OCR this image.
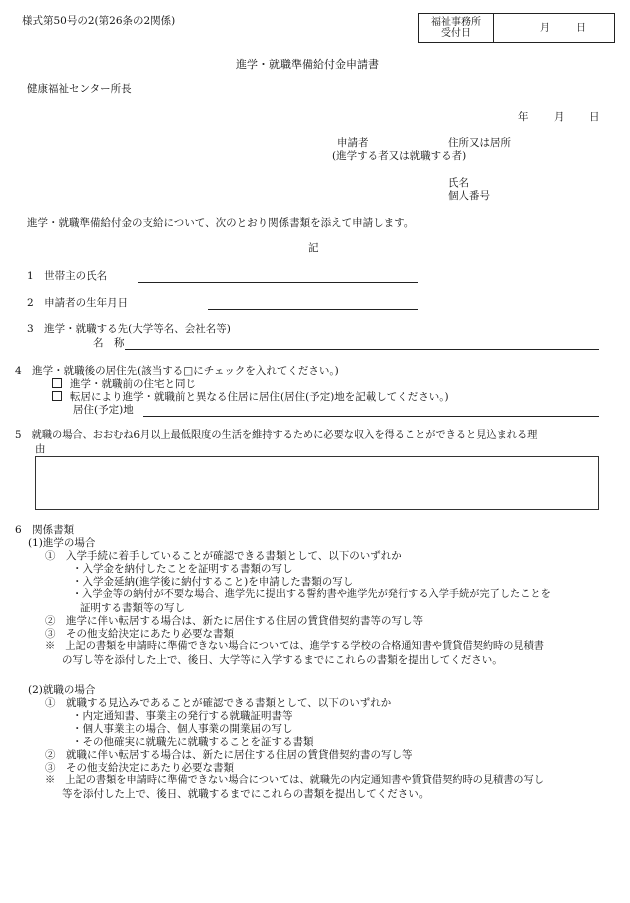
様式第50号の2(第26条の2関係)	福祉事務所
受付日	月	日
進学・就職準備給付金申請書
健康福祉センター所長
年 月 日
申請者	住所又は居所
(進学する者又は就職する者)
氏名
個人番号
進学・就職準備給付金の支給について、次のとおり関係書類を添えて申請します。
記
1　世帯主の氏名
2　申請者の生年月日
3　進学・就職する先(大学等名、会社名等)
名　称
4　進学・就職後の居住先(該当する□にチェックを入れてください。)
進学・就職前の住宅と同じ
転居により進学・就職前と異なる住居に居住(居住(予定)地を記載してください。)
居住(予定)地
5　就職の場合、おおむね6月以上最低限度の生活を維持するために必要な収入を得ることができると見込まれる理
由
6　関係書類
(1)進学の場合
①　入学手続に着手していることが確認できる書類として、以下のいずれか
・入学金を納付したことを証明する書類の写し
・入学金延納(進学後に納付すること)を申請した書類の写し
・入学金等の納付が不要な場合、進学先に提出する誓約書や進学先が発行する入学手続が完了したことを
証明する書類等の写し
②　進学に伴い転居する場合は、新たに居住する住居の賃貸借契約書等の写し等
③　その他支給決定にあたり必要な書類
※　上記の書類を申請時に準備できない場合については、進学する学校の合格通知書や賃貸借契約時の見積書
の写し等を添付した上で、後日、大学等に入学するまでにこれらの書類を提出してください。
(2)就職の場合
①　就職する見込みであることが確認できる書類として、以下のいずれか
・内定通知書、事業主の発行する就職証明書等
・個人事業主の場合、個人事業の開業届の写し
・その他確実に就職先に就職することを証する書類
②　就職に伴い転居する場合は、新たに居住する住居の賃貸借契約書の写し等
③　その他支給決定にあたり必要な書類
※　上記の書類を申請時に準備できない場合については、就職先の内定通知書や賃貸借契約時の見積書の写し
等を添付した上で、後日、就職するまでにこれらの書類を提出してください。
